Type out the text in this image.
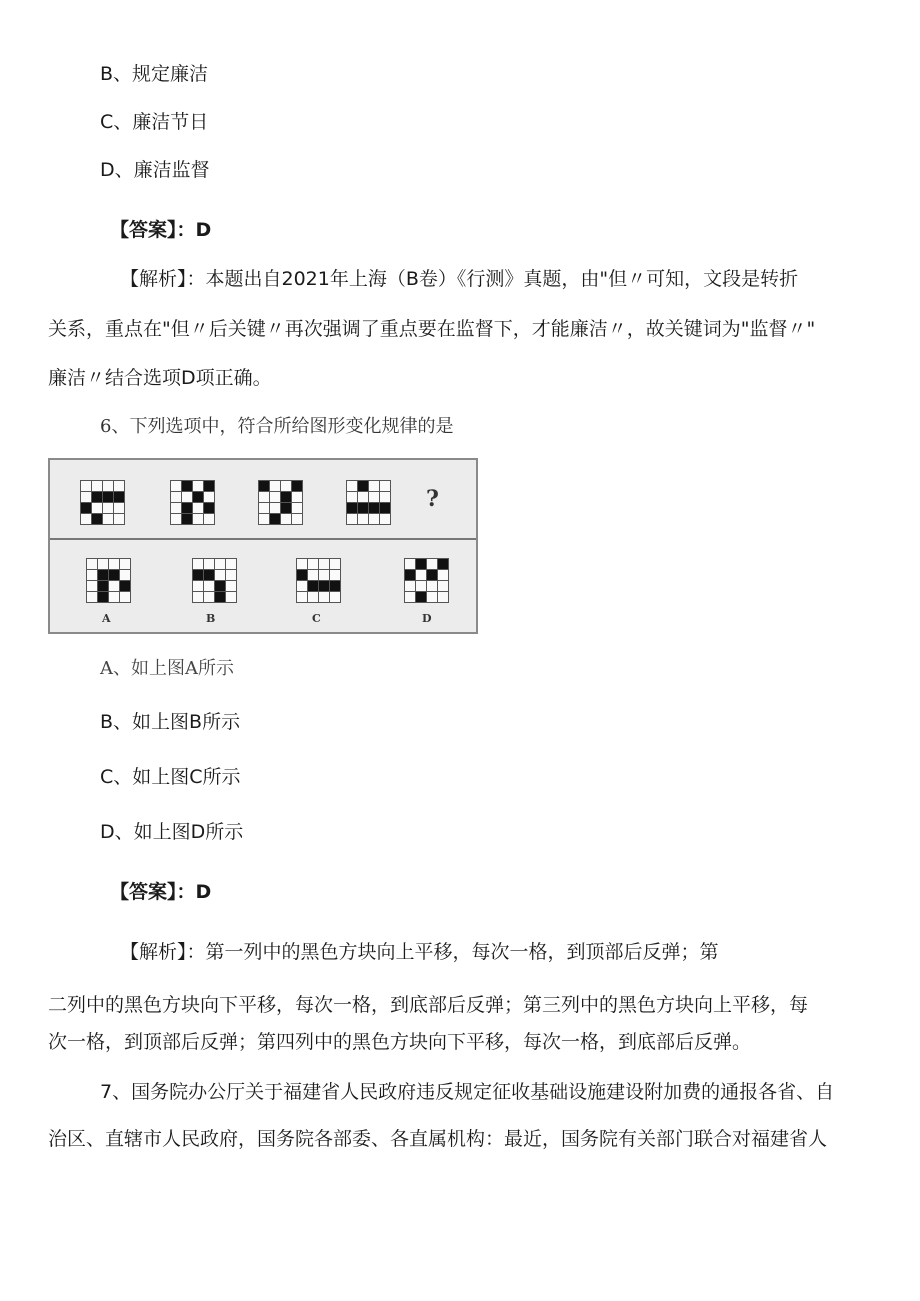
B、规定廉洁
C、廉洁节日
D、廉洁监督
【答案】：D
【解析】：本题出自2021年上海（B卷）《行测》真题，由"但〃可知，文段是转折
关系，重点在"但〃后关键〃再次强调了重点要在监督下，才能廉洁〃，故关键词为"监督〃"
廉洁〃结合选项D项正确。
6、下列选项中，符合所给图形变化规律的是
?
A	B	C	D
A、如上图A所示
B、如上图B所示
C、如上图C所示
D、如上图D所示
【答案】：D
【解析】：第一列中的黑色方块向上平移，每次一格，到顶部后反弹；第
二列中的黑色方块向下平移，每次一格，到底部后反弹；第三列中的黑色方块向上平移，每
次一格，到顶部后反弹；第四列中的黑色方块向下平移，每次一格，到底部后反弹。
7、国务院办公厅关于福建省人民政府违反规定征收基础设施建设附加费的通报各省、自
治区、直辖市人民政府，国务院各部委、各直属机构：最近，国务院有关部门联合对福建省人
